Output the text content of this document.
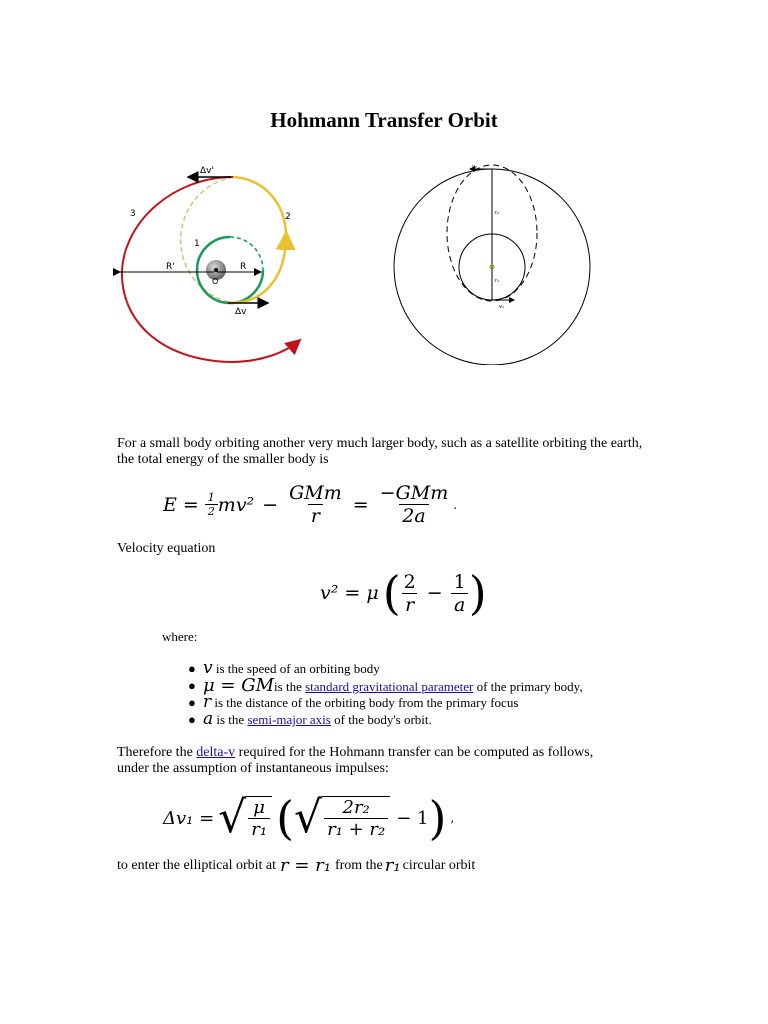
Hohmann Transfer Orbit
Δv'
3	2
1
R'	R
O
Δv
v₂
r₂
r₁
v₁
For a small body orbiting another very much larger body, such as a satellite orbiting the earth, the total energy of the smaller body is
$E = \frac{1}{2} mv^2 - \frac{\text{GMm}}{r} = \frac{\text{−GMm}}{2a}$ .
Velocity equation
v² = μ ( $\frac{2}{r} - \frac{1}{a}$ )
where:
● v is the speed of an orbiting body
● μ = GMis the standard gravitational parameter of the primary body,
● r is the distance of the orbiting body from the primary focus
● a is the semi-major axis of the body's orbit.
Therefore the delta-v required for the Hohmann transfer can be computed as follows,
under the assumption of instantaneous impulses:
Δv₁ = √ $\frac{\mu}{\text{r₁}}$ ( √ $\frac{\text{2r₂}}{\text{r₁ + r₂}} - 1$ ) ,
to enter the elliptical orbit at r = r₁ from the r₁ circular orbit
